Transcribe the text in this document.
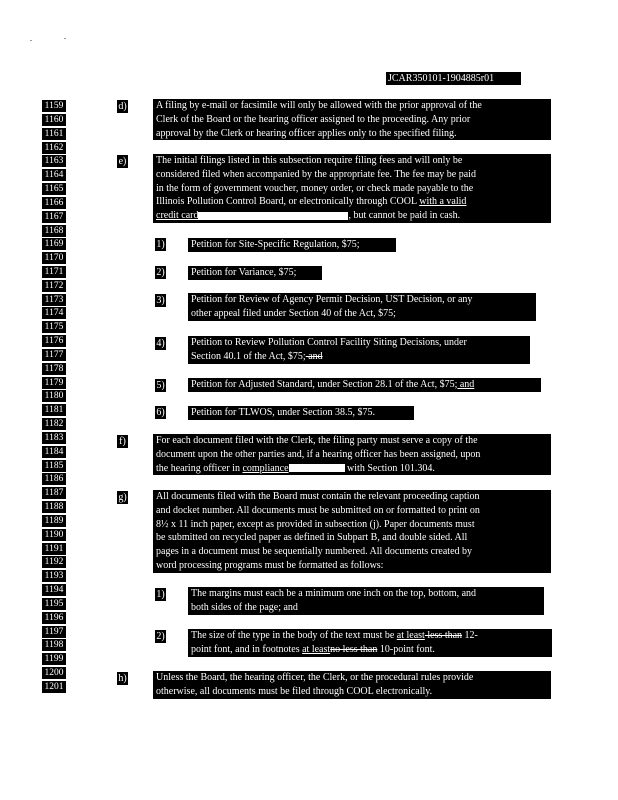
JCAR350101-1904885r01
1159
1160
1161
1162
1163
1164
1165
1166
1167
1168
1169
1170
1171
1172
1173
1174
1175
1176
1177
1178
1179
1180
1181
1182
1183
1184
1185
1186
1187
1188
1189
1190
1191
1192
1193
1194
1195
1196
1197
1198
1199
1200
1201
d)	A filing by e-mail or facsimile will only be allowed with the prior approval of the
Clerk of the Board or the hearing officer assigned to the proceeding. Any prior
approval by the Clerk or hearing officer applies only to the specified filing.
e)	The initial filings listed in this subsection require filing fees and will only be
considered filed when accompanied by the appropriate fee. The fee may be paid
in the form of government voucher, money order, or check made payable to the
Illinois Pollution Control Board, or electronically through COOL with a valid
credit card	, but cannot be paid in cash.
1)	Petition for Site-Specific Regulation, $75;
2)	Petition for Variance, $75;
3)	Petition for Review of Agency Permit Decision, UST Decision, or any
other appeal filed under Section 40 of the Act, $75;
4)	Petition to Review Pollution Control Facility Siting Decisions, under
Section 40.1 of the Act, $75; and
5)	Petition for Adjusted Standard, under Section 28.1 of the Act, $75; and
6)	Petition for TLWOS, under Section 38.5, $75.
f)	For each document filed with the Clerk, the filing party must serve a copy of the
document upon the other parties and, if a hearing officer has been assigned, upon
the hearing officer in compliance	with Section 101.304.
g)	All documents filed with the Board must contain the relevant proceeding caption
and docket number. All documents must be submitted on or formatted to print on
8½ x 11 inch paper, except as provided in subsection (j). Paper documents must
be submitted on recycled paper as defined in Subpart B, and double sided. All
pages in a document must be sequentially numbered. All documents created by
word processing programs must be formatted as follows:
1)	The margins must each be a minimum one inch on the top, bottom, and
both sides of the page; and
2)	The size of the type in the body of the text must be at least less than 12-
point font, and in footnotes at leastno less than 10-point font.
h)	Unless the Board, the hearing officer, the Clerk, or the procedural rules provide
otherwise, all documents must be filed through COOL electronically.
